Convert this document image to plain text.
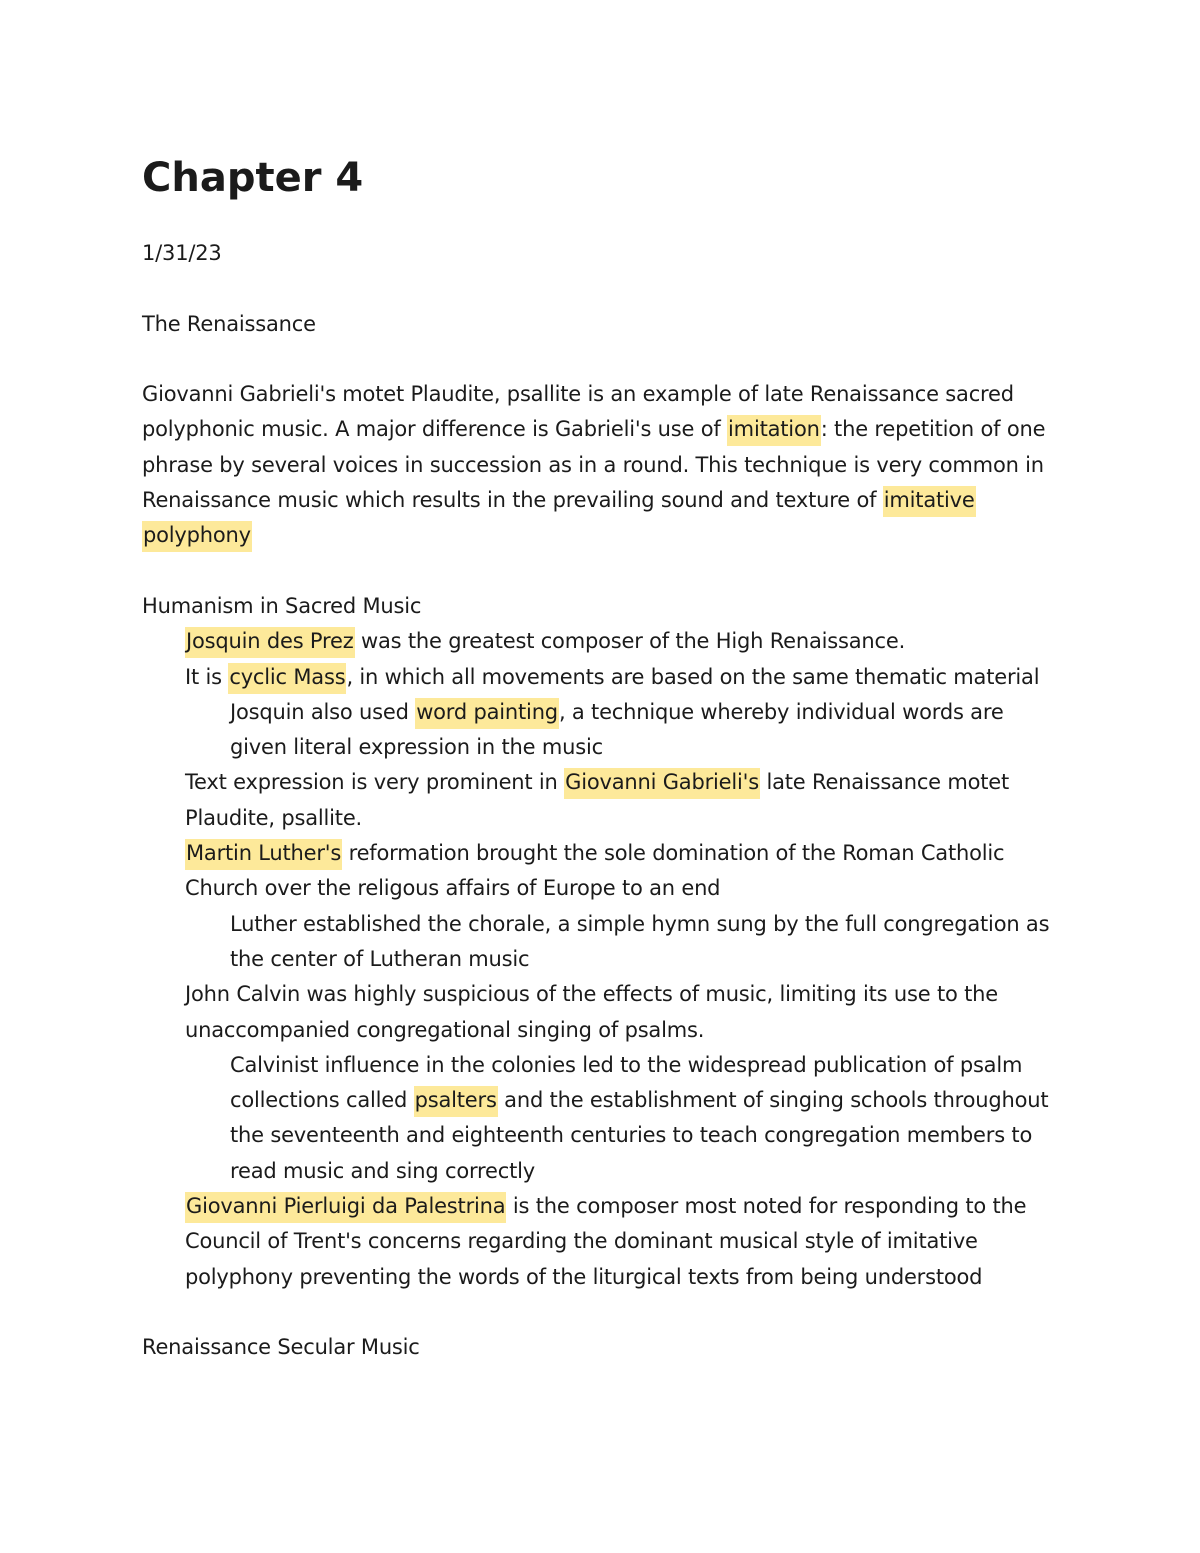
Chapter 4
1/31/23
The Renaissance
Giovanni Gabrieli's motet Plaudite, psallite is an example of late Renaissance sacred
polyphonic music. A major difference is Gabrieli's use of imitation: the repetition of one
phrase by several voices in succession as in a round. This technique is very common in
Renaissance music which results in the prevailing sound and texture of imitative
polyphony
Humanism in Sacred Music
Josquin des Prez was the greatest composer of the High Renaissance.
It is cyclic Mass, in which all movements are based on the same thematic material
Josquin also used word painting, a technique whereby individual words are
given literal expression in the music
Text expression is very prominent in Giovanni Gabrieli's late Renaissance motet
Plaudite, psallite.
Martin Luther's reformation brought the sole domination of the Roman Catholic
Church over the religous affairs of Europe to an end
Luther established the chorale, a simple hymn sung by the full congregation as
the center of Lutheran music
John Calvin was highly suspicious of the effects of music, limiting its use to the
unaccompanied congregational singing of psalms.
Calvinist influence in the colonies led to the widespread publication of psalm
collections called psalters and the establishment of singing schools throughout
the seventeenth and eighteenth centuries to teach congregation members to
read music and sing correctly
Giovanni Pierluigi da Palestrina is the composer most noted for responding to the
Council of Trent's concerns regarding the dominant musical style of imitative
polyphony preventing the words of the liturgical texts from being understood
Renaissance Secular Music
